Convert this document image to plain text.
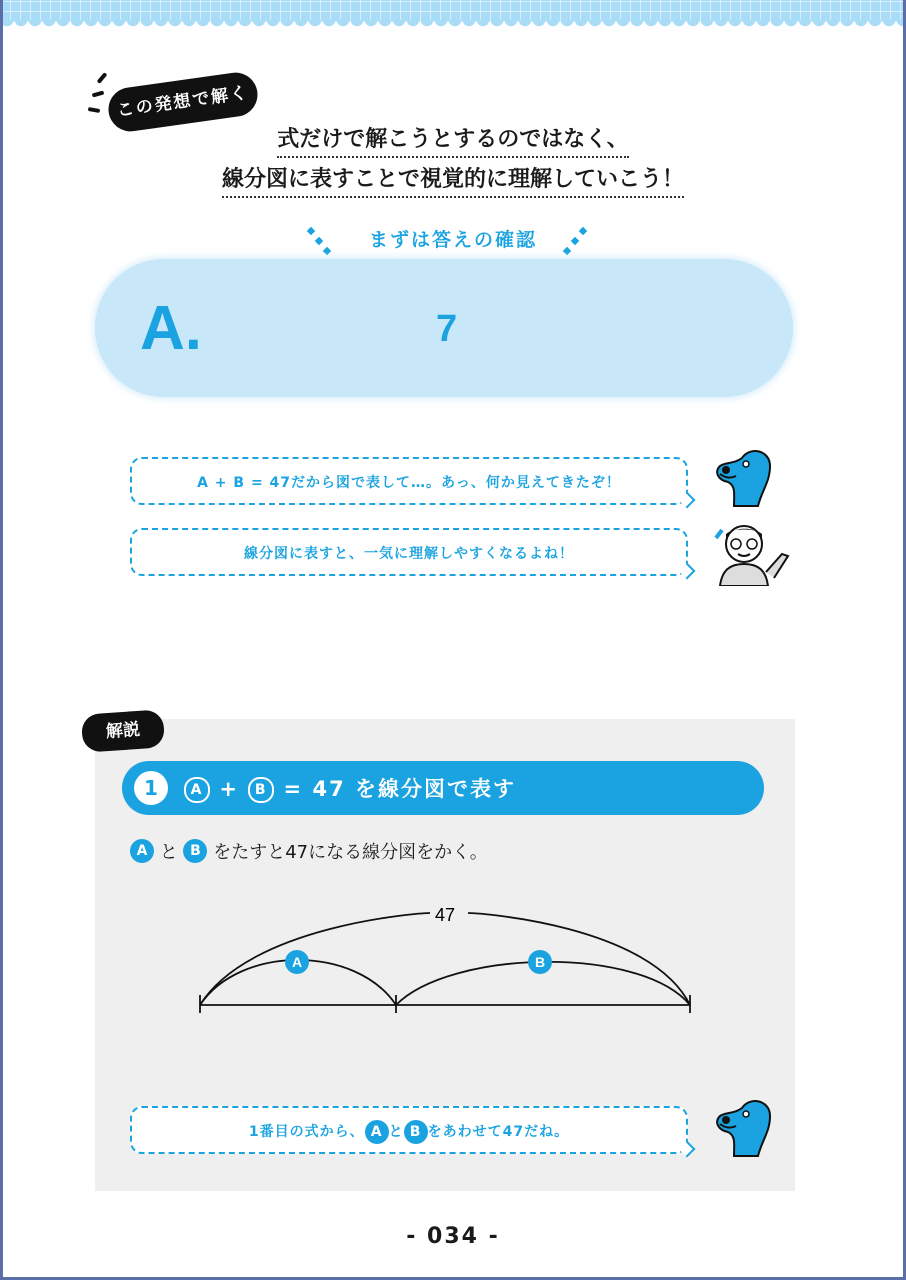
この発想で解く
式だけで解こうとするのではなく、
線分図に表すことで視覚的に理解していこう！
まずは答えの確認
A.	7
A + B = 47だから図で表して…。あっ、何か見えてきたぞ！
線分図に表すと、一気に理解しやすくなるよね！
解説
1	A + B = 47 を線分図で表す
A と B をたすと47になる線分図をかく。
47
A	B
1番目の式から、 A と B をあわせて47だね。
- 034 -
